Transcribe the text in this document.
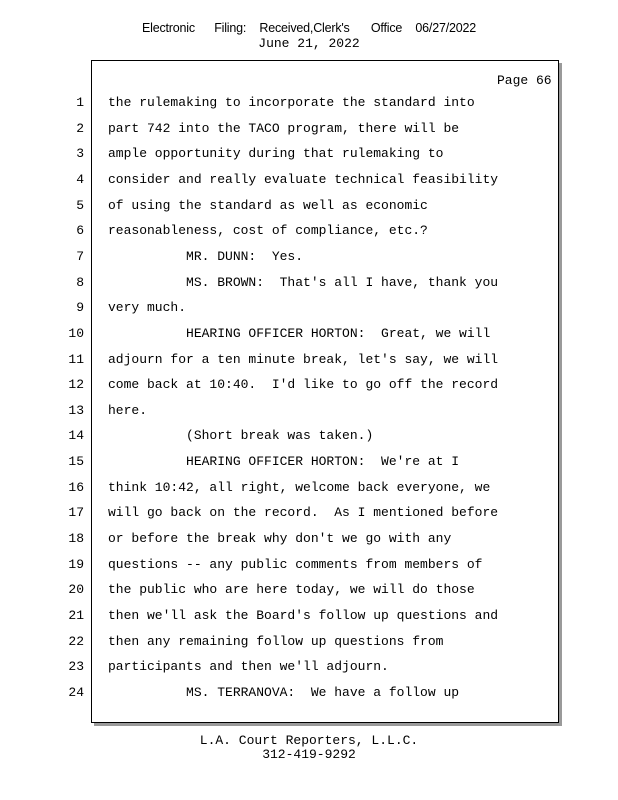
Electronic Filing: Received,Clerk's Office 06/27/2022
June 21, 2022
Page 66
1 the rulemaking to incorporate the standard into
2 part 742 into the TACO program, there will be
3 ample opportunity during that rulemaking to
4 consider and really evaluate technical feasibility
5 of using the standard as well as economic
6 reasonableness, cost of compliance, etc.?
7 MR. DUNN:  Yes.
8 MS. BROWN:  That's all I have, thank you
9 very much.
10 HEARING OFFICER HORTON:  Great, we will
11 adjourn for a ten minute break, let's say, we will
12 come back at 10:40.  I'd like to go off the record
13 here.
14 (Short break was taken.)
15 HEARING OFFICER HORTON:  We're at I
16 think 10:42, all right, welcome back everyone, we
17 will go back on the record.  As I mentioned before
18 or before the break why don't we go with any
19 questions -- any public comments from members of
20 the public who are here today, we will do those
21 then we'll ask the Board's follow up questions and
22 then any remaining follow up questions from
23 participants and then we'll adjourn.
24 MS. TERRANOVA:  We have a follow up
L.A. Court Reporters, L.L.C.
312-419-9292
